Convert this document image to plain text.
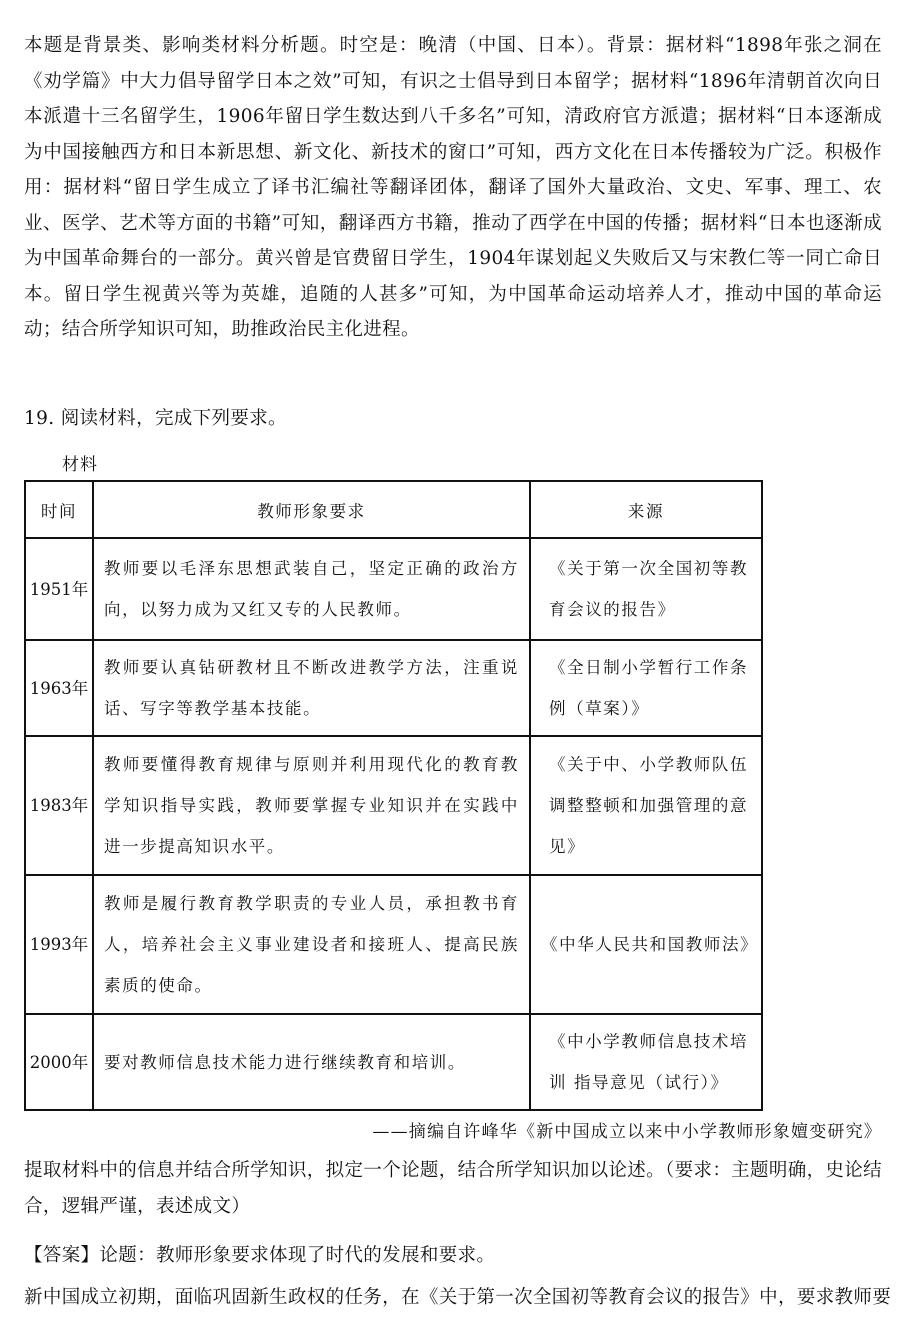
本题是背景类、影响类材料分析题。时空是：晚清（中国、日本）。背景：据材料“1898年张之洞在《劝学篇》中大力倡导留学日本之效”可知，有识之士倡导到日本留学；据材料“1896年清朝首次向日本派遣十三名留学生，1906年留日学生数达到八千多名”可知，清政府官方派遣；据材料“日本逐渐成为中国接触西方和日本新思想、新文化、新技术的窗口”可知，西方文化在日本传播较为广泛。积极作用：据材料“留日学生成立了译书汇编社等翻译团体，翻译了国外大量政治、文史、军事、理工、农业、医学、艺术等方面的书籍”可知，翻译西方书籍，推动了西学在中国的传播；据材料“日本也逐渐成为中国革命舞台的一部分。黄兴曾是官费留日学生，1904年谋划起义失败后又与宋教仁等一同亡命日本。留日学生视黄兴等为英雄，追随的人甚多”可知，为中国革命运动培养人才，推动中国的革命运动；结合所学知识可知，助推政治民主化进程。

19. 阅读材料，完成下列要求。

材料
时间	教师形象要求	来源
1951年	教师要以毛泽东思想武装自己，坚定正确的政治方向，以努力成为又红又专的人民教师。	《关于第一次全国初等教育会议的报告》
1963年	教师要认真钻研教材且不断改进教学方法，注重说话、写字等教学基本技能。	《全日制小学暂行工作条例（草案）》
1983年	教师要懂得教育规律与原则并利用现代化的教育教学知识指导实践，教师要掌握专业知识并在实践中进一步提高知识水平。	《关于中、小学教师队伍调整整顿和加强管理的意见》
1993年	教师是履行教育教学职责的专业人员，承担教书育人，培养社会主义事业建设者和接班人、提高民族素质的使命。	《中华人民共和国教师法》
2000年	要对教师信息技术能力进行继续教育和培训。	《中小学教师信息技术培训 指导意见（试行）》

——摘编自许峰华《新中国成立以来中小学教师形象嬗变研究》

提取材料中的信息并结合所学知识，拟定一个论题，结合所学知识加以论述。（要求：主题明确，史论结合，逻辑严谨，表述成文）

【答案】论题：教师形象要求体现了时代的发展和要求。

新中国成立初期，面临巩固新生政权的任务，在《关于第一次全国初等教育会议的报告》中，要求教师要
